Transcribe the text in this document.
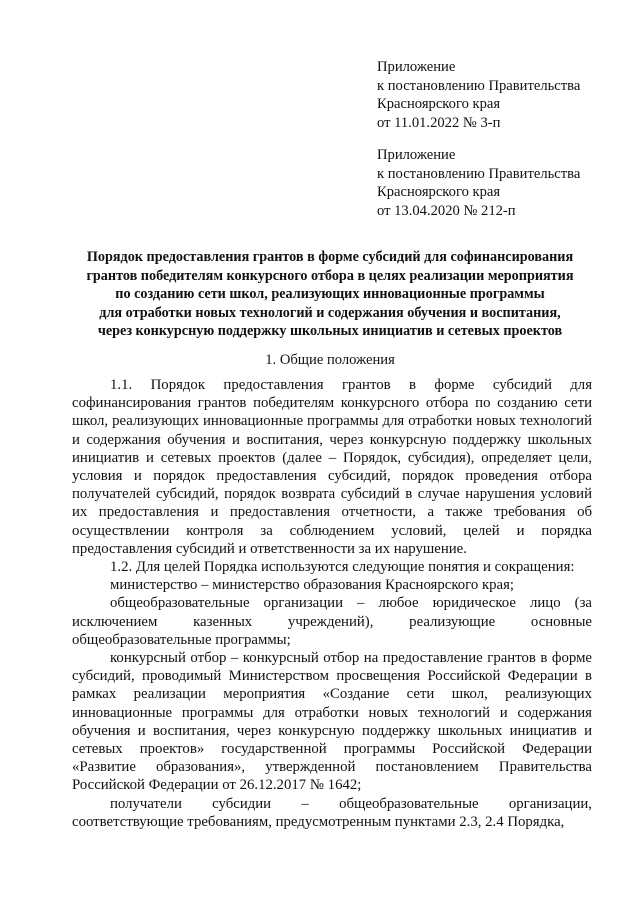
Приложение
к постановлению Правительства
Красноярского края
от 11.01.2022 № 3-п
Приложение
к постановлению Правительства
Красноярского края
от 13.04.2020 № 212-п
Порядок предоставления грантов в форме субсидий для софинансирования
грантов победителям конкурсного отбора в целях реализации мероприятия
по созданию сети школ, реализующих инновационные программы
для отработки новых технологий и содержания обучения и воспитания,
через конкурсную поддержку школьных инициатив и сетевых проектов
1. Общие положения

1.1. Порядок предоставления грантов в форме субсидий для софинансирования грантов победителям конкурсного отбора по созданию сети школ, реализующих инновационные программы для отработки новых технологий и содержания обучения и воспитания, через конкурсную поддержку школьных инициатив и сетевых проектов (далее – Порядок, субсидия), определяет цели, условия и порядок предоставления субсидий, порядок проведения отбора получателей субсидий, порядок возврата субсидий в случае нарушения условий их предоставления и предоставления отчетности, а также требования об осуществлении контроля за соблюдением условий, целей и порядка предоставления субсидий и ответственности за их нарушение.

1.2. Для целей Порядка используются следующие понятия и сокращения:

министерство – министерство образования Красноярского края;

общеобразовательные организации – любое юридическое лицо (за исключением казенных учреждений), реализующие основные общеобразовательные программы;

конкурсный отбор – конкурсный отбор на предоставление грантов в форме субсидий, проводимый Министерством просвещения Российской Федерации в рамках реализации мероприятия «Создание сети школ, реализующих инновационные программы для отработки новых технологий и содержания обучения и воспитания, через конкурсную поддержку школьных инициатив и сетевых проектов» государственной программы Российской Федерации «Развитие образования», утвержденной постановлением Правительства Российской Федерации от 26.12.2017 № 1642;

получатели субсидии – общеобразовательные организации, соответствующие требованиям, предусмотренным пунктами 2.3, 2.4 Порядка,
